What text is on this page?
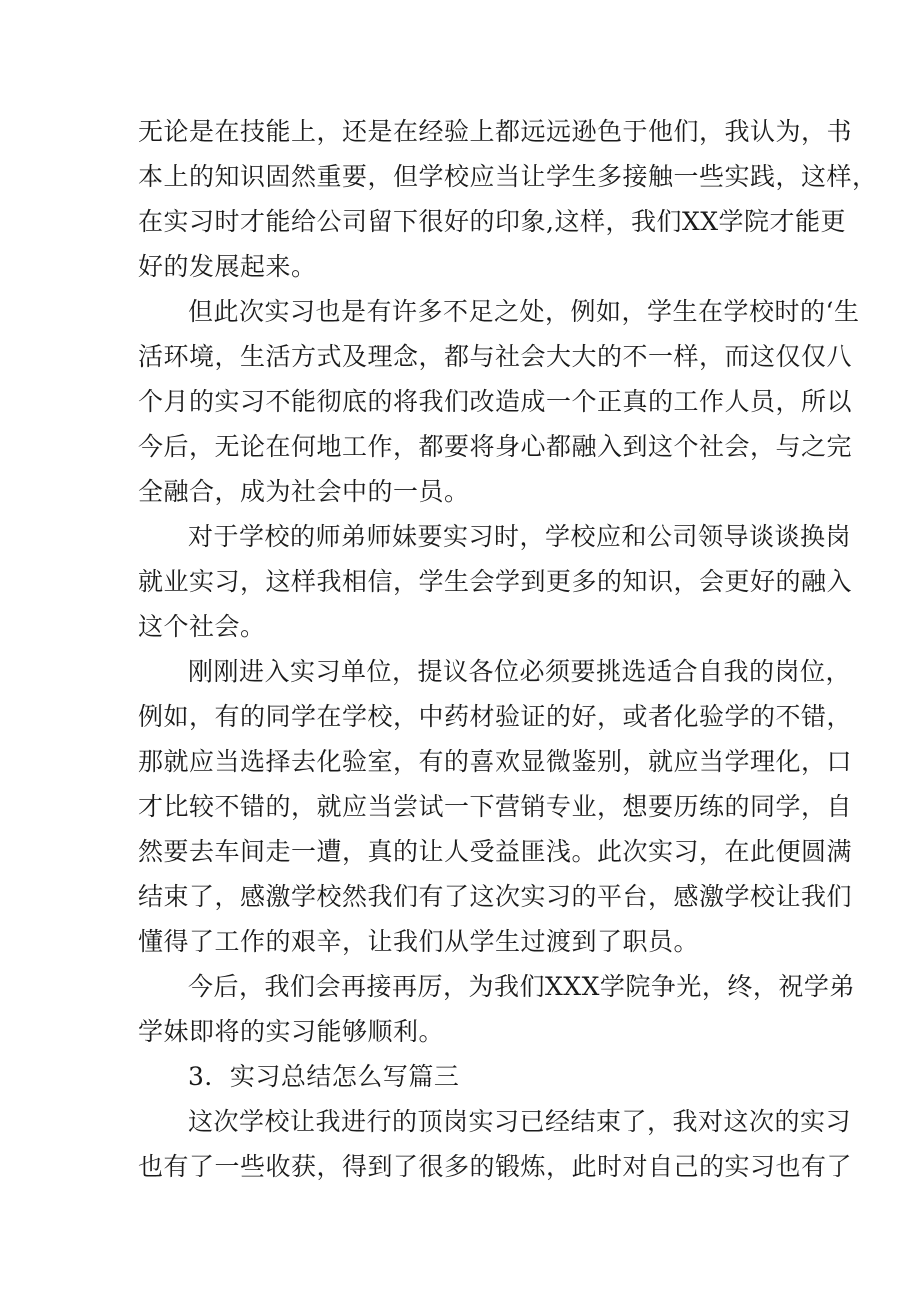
无论是在技能上，还是在经验上都远远逊色于他们，我认为，书
本上的知识固然重要，但学校应当让学生多接触一些实践，这样，
在实习时才能给公司留下很好的印象,这样，我们XX学院才能更
好的发展起来。
但此次实习也是有许多不足之处，例如，学生在学校时的‘生
活环境，生活方式及理念，都与社会大大的不一样，而这仅仅八
个月的实习不能彻底的将我们改造成一个正真的工作人员，所以
今后，无论在何地工作，都要将身心都融入到这个社会，与之完
全融合，成为社会中的一员。
对于学校的师弟师妹要实习时，学校应和公司领导谈谈换岗
就业实习，这样我相信，学生会学到更多的知识，会更好的融入
这个社会。
刚刚进入实习单位，提议各位必须要挑选适合自我的岗位，
例如，有的同学在学校，中药材验证的好，或者化验学的不错，
那就应当选择去化验室，有的喜欢显微鉴别，就应当学理化，口
才比较不错的，就应当尝试一下营销专业，想要历练的同学，自
然要去车间走一遭，真的让人受益匪浅。此次实习，在此便圆满
结束了，感激学校然我们有了这次实习的平台，感激学校让我们
懂得了工作的艰辛，让我们从学生过渡到了职员。
今后，我们会再接再厉，为我们XXX学院争光，终，祝学弟
学妹即将的实习能够顺利。
3．实习总结怎么写篇三
这次学校让我进行的顶岗实习已经结束了，我对这次的实习
也有了一些收获，得到了很多的锻炼，此时对自己的实习也有了
